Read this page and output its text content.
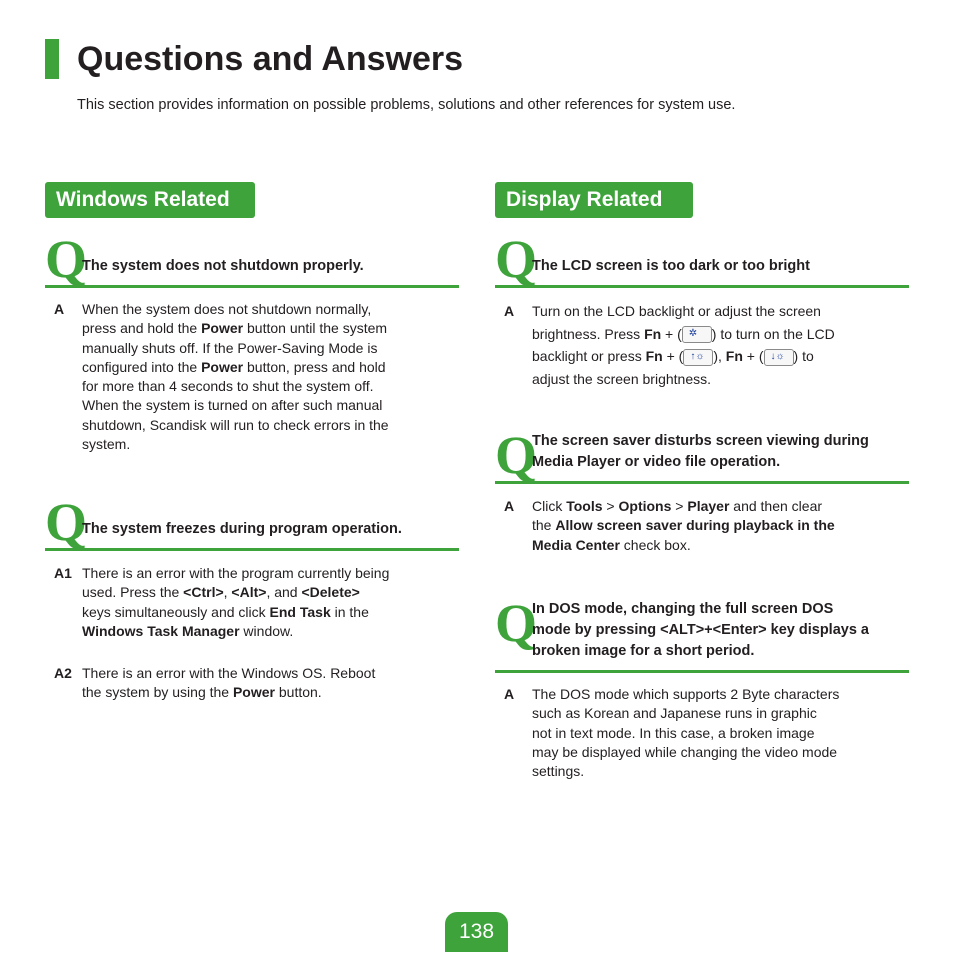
Questions and Answers
This section provides information on possible problems, solutions and other references for system use.
Windows Related
Q
The system does not shutdown properly.
A When the system does not shutdown normally,
press and hold the Power button until the system
manually shuts off. If the Power-Saving Mode is
configured into the Power button, press and hold
for more than 4 seconds to shut the system off.
When the system is turned on after such manual
shutdown, Scandisk will run to check errors in the
system.
Q
The system freezes during program operation.
A1 There is an error with the program currently being
used. Press the <Ctrl>, <Alt>, and <Delete>
keys simultaneously and click End Task in the
Windows Task Manager window.
A2 There is an error with the Windows OS. Reboot
the system by using the Power button.
Display Related
Q
The LCD screen is too dark or too bright
A Turn on the LCD backlight or adjust the screen
brightness. Press Fn + ( ✲ ) to turn on the LCD
backlight or press Fn + ( ↑☼ ), Fn + ( ↓☼ ) to
adjust the screen brightness.
Q
The screen saver disturbs screen viewing during
Media Player or video file operation.
A Click Tools > Options > Player and then clear
the Allow screen saver during playback in the
Media Center check box.
Q
In DOS mode, changing the full screen DOS
mode by pressing <ALT>+<Enter> key displays a
broken image for a short period.
A The DOS mode which supports 2 Byte characters
such as Korean and Japanese runs in graphic
not in text mode. In this case, a broken image
may be displayed while changing the video mode
settings.
138
